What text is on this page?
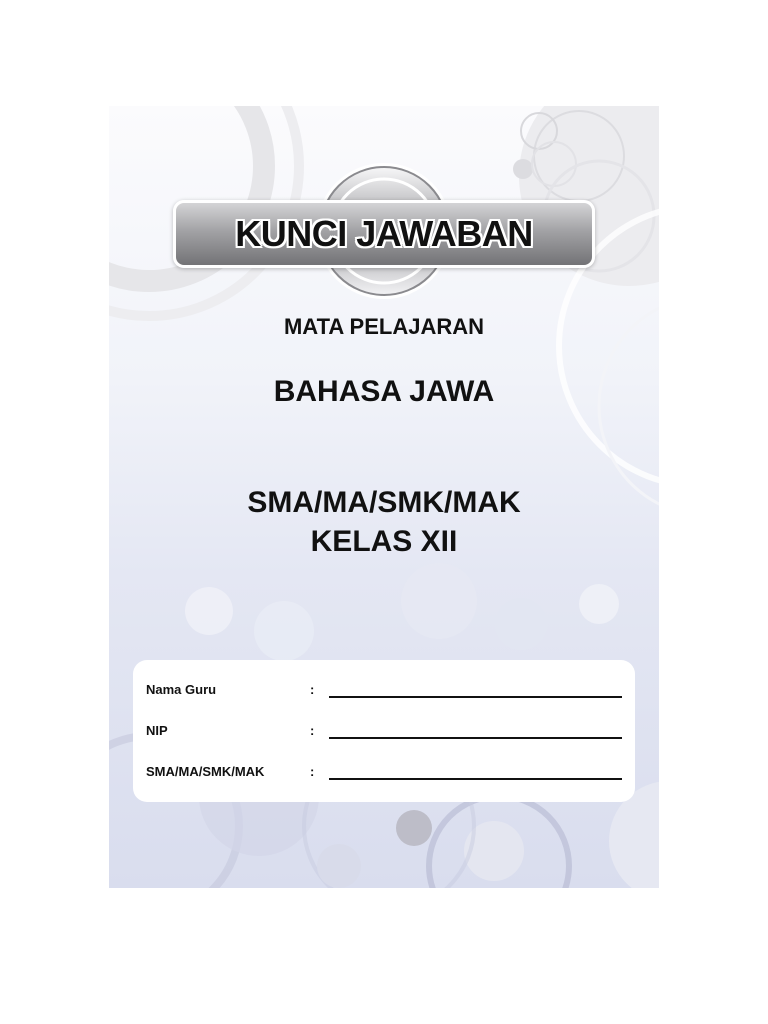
KUNCI JAWABAN
MATA PELAJARAN
BAHASA JAWA
SMA/MA/SMK/MAK
KELAS XII
Nama Guru	:
NIP	:
SMA/MA/SMK/MAK	:
